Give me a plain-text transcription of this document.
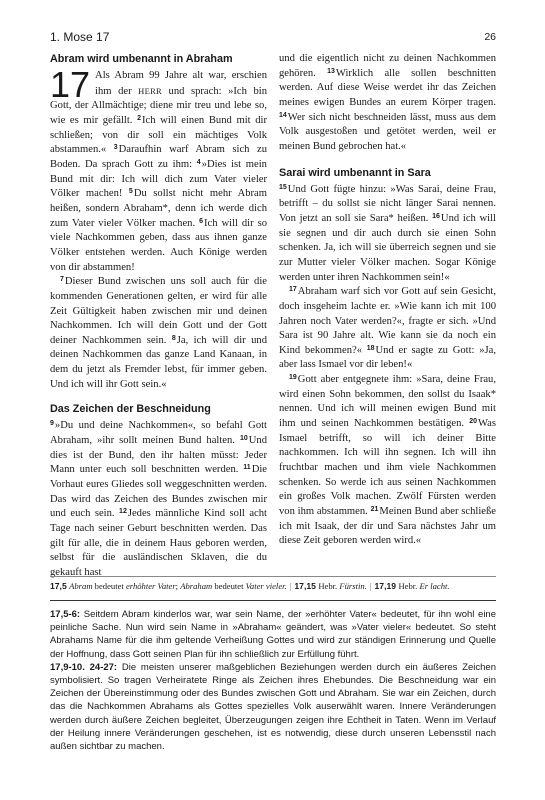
1. Mose 17	26
Abram wird umbenannt in Abraham

17 Als Abram 99 Jahre alt war, erschien ihm der HERR und sprach: »Ich bin Gott, der Allmächtige; diene mir treu und lebe so, wie es mir gefällt. $^2$Ich will einen Bund mit dir schließen; von dir soll ein mächtiges Volk abstammen.« $^3$Daraufhin warf Abram sich zu Boden. Da sprach Gott zu ihm: $^4$»Dies ist mein Bund mit dir: Ich will dich zum Vater vieler Völker machen! $^5$Du sollst nicht mehr Abram heißen, sondern Abraham*, denn ich werde dich zum Vater vieler Völker machen. $^6$Ich will dir so viele Nachkommen geben, dass aus ihnen ganze Völker entstehen werden. Auch Könige werden von dir abstammen!

$^7$Dieser Bund zwischen uns soll auch für die kommenden Generationen gelten, er wird für alle Zeit Gültigkeit haben zwischen mir und deinen Nachkommen. Ich will dein Gott und der Gott deiner Nachkommen sein. $^8$Ja, ich will dir und deinen Nachkommen das ganze Land Kanaan, in dem du jetzt als Fremder lebst, für immer geben. Und ich will ihr Gott sein.«

Das Zeichen der Beschneidung

$^9$»Du und deine Nachkommen«, so befahl Gott Abraham, »ihr sollt meinen Bund halten. $^{10}$Und dies ist der Bund, den ihr halten müsst: Jeder Mann unter euch soll beschnitten werden. $^{11}$Die Vorhaut eures Gliedes soll weggeschnitten werden. Das wird das Zeichen des Bundes zwischen mir und euch sein. $^{12}$Jedes männliche Kind soll acht Tage nach seiner Geburt beschnitten werden. Das gilt für alle, die in deinem Haus geboren werden, selbst für die ausländischen Sklaven, die du gekauft hast

und die eigentlich nicht zu deinen Nachkommen gehören. $^{13}$Wirklich alle sollen beschnitten werden. Auf diese Weise werdet ihr das Zeichen meines ewigen Bundes an eurem Körper tragen. $^{14}$Wer sich nicht beschneiden lässt, muss aus dem Volk ausgestoßen und getötet werden, weil er meinen Bund gebrochen hat.«

Sarai wird umbenannt in Sara

$^{15}$Und Gott fügte hinzu: »Was Sarai, deine Frau, betrifft – du sollst sie nicht länger Sarai nennen. Von jetzt an soll sie Sara* heißen. $^{16}$Und ich will sie segnen und dir auch durch sie einen Sohn schenken. Ja, ich will sie überreich segnen und sie zur Mutter vieler Völker machen. Sogar Könige werden unter ihren Nachkommen sein!«

$^{17}$Abraham warf sich vor Gott auf sein Gesicht, doch insgeheim lachte er. »Wie kann ich mit 100 Jahren noch Vater werden?«, fragte er sich. »Und Sara ist 90 Jahre alt. Wie kann sie da noch ein Kind bekommen?« $^{18}$Und er sagte zu Gott: »Ja, aber lass Ismael vor dir leben!«

$^{19}$Gott aber entgegnete ihm: »Sara, deine Frau, wird einen Sohn bekommen, den sollst du Isaak* nennen. Und ich will meinen ewigen Bund mit ihm und seinen Nachkommen bestätigen. $^{20}$Was Ismael betrifft, so will ich deiner Bitte nachkommen. Ich will ihn segnen. Ich will ihn fruchtbar machen und ihm viele Nachkommen schenken. So werde ich aus seinen Nachkommen ein großes Volk machen. Zwölf Fürsten werden von ihm abstammen. $^{21}$Meinen Bund aber schließe ich mit Isaak, der dir und Sara nächstes Jahr um diese Zeit geboren werden wird.«

17,5 Abram bedeutet erhöhter Vater; Abraham bedeutet Vater vieler. | 17,15 Hebr. Fürstin. | 17,19 Hebr. Er lacht.

17,5-6: Seitdem Abram kinderlos war, war sein Name, der »erhöhter Vater« bedeutet, für ihn wohl eine peinliche Sache. Nun wird sein Name in »Abraham« geändert, was »Vater vieler« bedeutet. So steht Abrahams Name für die ihm geltende Verheißung Gottes und wird zur ständigen Erinnerung und Quelle der Hoffnung, dass Gott seinen Plan für ihn schließlich zur Erfüllung führt.

17,9-10. 24-27: Die meisten unserer maßgeblichen Beziehungen werden durch ein äußeres Zeichen symbolisiert. So tragen Verheiratete Ringe als Zeichen ihres Ehebundes. Die Beschneidung war ein Zeichen der Übereinstimmung oder des Bundes zwischen Gott und Abraham. Sie war ein Zeichen, durch das die Nachkommen Abrahams als Gottes spezielles Volk auserwählt waren. Innere Veränderungen werden durch äußere Zeichen begleitet, Überzeugungen zeigen ihre Echtheit in Taten. Wenn im Verlauf der Heilung innere Veränderungen geschehen, ist es notwendig, diese durch unseren Lebensstil nach außen sichtbar zu machen.
